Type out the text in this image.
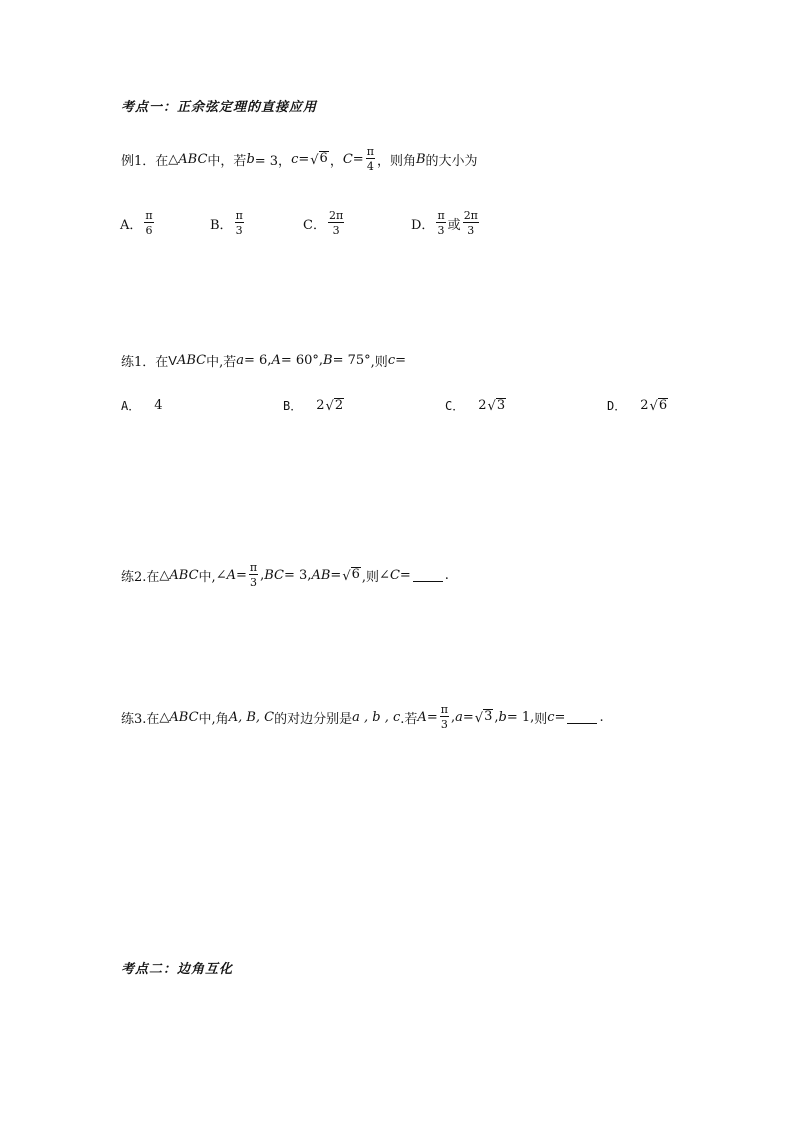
考点一：正余弦定理的直接应用
例1．在 △ ABC 中，若 b = 3， c = √ 6 ， $C = \frac{\pi}{4}$ ，则角 B 的大小为
A． $\frac{\pi}{6}$	B． $\frac{\pi}{3}$	C． $\frac{2\pi}{3}$	D． $\frac{\pi}{3}$ 或 $\frac{2\pi}{3}$
练1．在 V ABC 中,若 a = 6, A = 60°, B = 75° ,则 c =
A． 4	B． 2 √ 2	C． 2 √ 3	D． 2 √ 6
练2.在 △ ABC 中, ∠ $A = \frac{\pi}{3}$ , BC = 3, AB = √ 6 ,则 ∠ C =	.
练3.在 △ ABC 中,角 A, B, C 的对边分别是 a , b , c .若 $A = \frac{\pi}{3}$ , a = √ 3 , b = 1, 则 c =	.
考点二：边角互化
